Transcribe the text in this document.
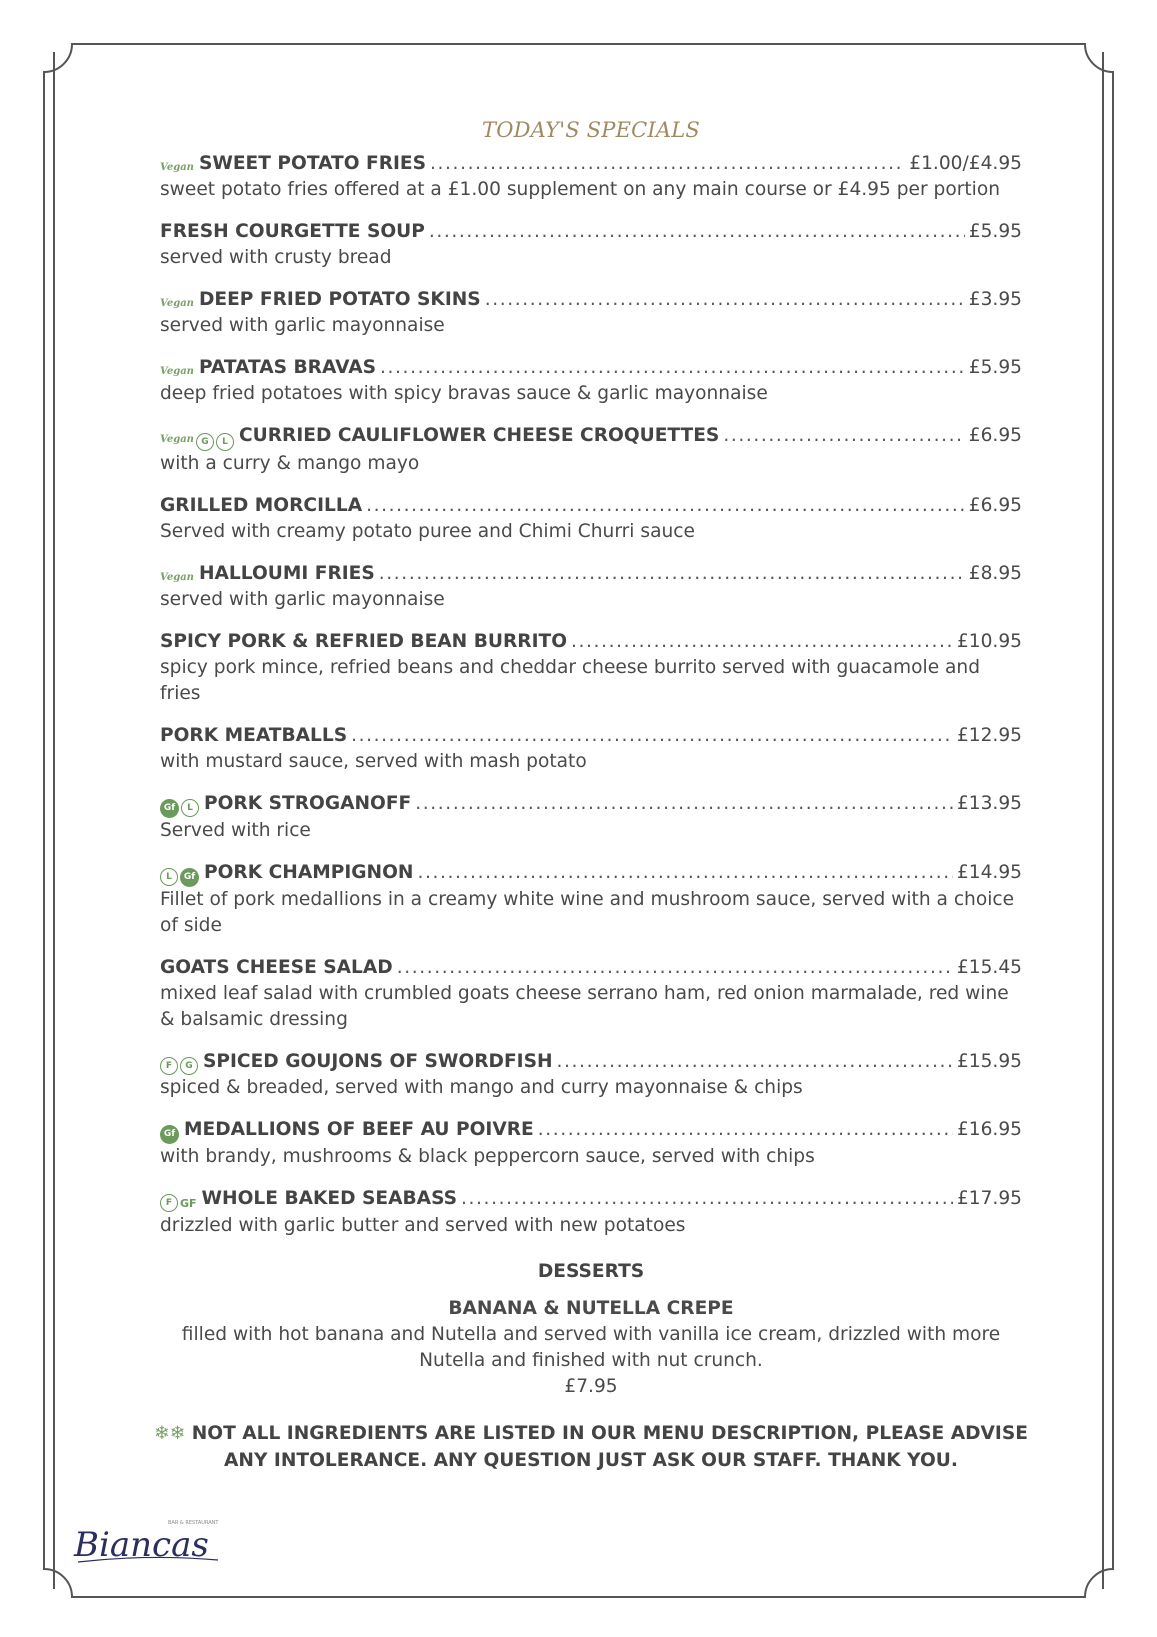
TODAY'S SPECIALS
Vegan SWEET POTATO FRIES .....	£1.00/£4.95
sweet potato fries offered at a £1.00 supplement on any main course or £4.95 per portion
FRESH COURGETTE SOUP .....	£5.95
served with crusty bread
Vegan DEEP FRIED POTATO SKINS .....	£3.95
served with garlic mayonnaise
Vegan PATATAS BRAVAS .....	£5.95
deep fried potatoes with spicy bravas sauce & garlic mayonnaise
Vegan G	L CURRIED CAULIFLOWER CHEESE CROQUETTES .....	£6.95
with a curry & mango mayo
GRILLED MORCILLA .....	£6.95
Served with creamy potato puree and Chimi Churri sauce
Vegan HALLOUMI FRIES .....	£8.95
served with garlic mayonnaise
SPICY PORK & REFRIED BEAN BURRITO .....	£10.95
spicy pork mince, refried beans and cheddar cheese burrito served with guacamole and fries
PORK MEATBALLS .....	£12.95
with mustard sauce, served with mash potato
Gf	L PORK STROGANOFF .....	£13.95
Served with rice
L	Gf PORK CHAMPIGNON .....	£14.95
Fillet of pork medallions in a creamy white wine and mushroom sauce, served with a choice of side
GOATS CHEESE SALAD .....	£15.45
mixed leaf salad with crumbled goats cheese serrano ham, red onion marmalade, red wine & balsamic dressing
F	G SPICED GOUJONS OF SWORDFISH .....	£15.95
spiced & breaded, served with mango and curry mayonnaise & chips
Gf MEDALLIONS OF BEEF AU POIVRE .....	£16.95
with brandy, mushrooms & black peppercorn sauce, served with chips
F GF WHOLE BAKED SEABASS .....	£17.95
drizzled with garlic butter and served with new potatoes
DESSERTS
BANANA & NUTELLA CREPE
filled with hot banana and Nutella and served with vanilla ice cream, drizzled with more Nutella and finished with nut crunch.
£7.95
❄❄ NOT ALL INGREDIENTS ARE LISTED IN OUR MENU DESCRIPTION, PLEASE ADVISE ANY INTOLERANCE. ANY QUESTION JUST ASK OUR STAFF. THANK YOU.
BAR & RESTAURANT
Biancas
